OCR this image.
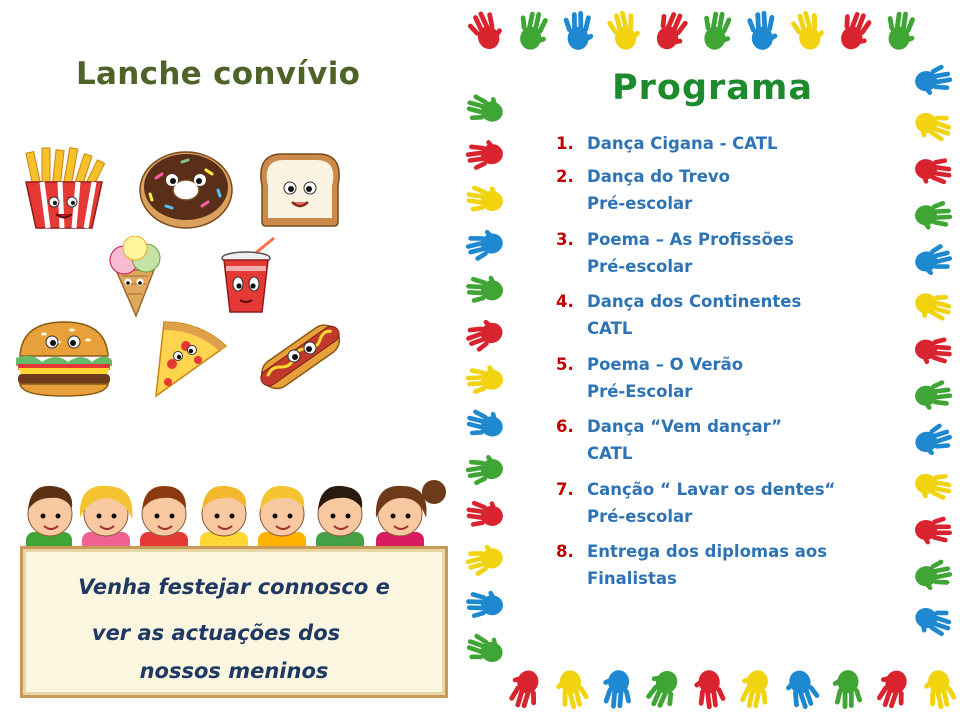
Lanche convívio
Venha festejar connosco e
ver as actuações dos
nossos meninos
Programa
1. Dança Cigana - CATL
2. Dança do Trevo
Pré-escolar
3. Poema – As Profissões
Pré-escolar
4. Dança dos Continentes
CATL
5. Poema – O Verão
Pré-Escolar
6. Dança “Vem dançar”
CATL
7. Canção “ Lavar os dentes“
Pré-escolar
8. Entrega dos diplomas aos
Finalistas
